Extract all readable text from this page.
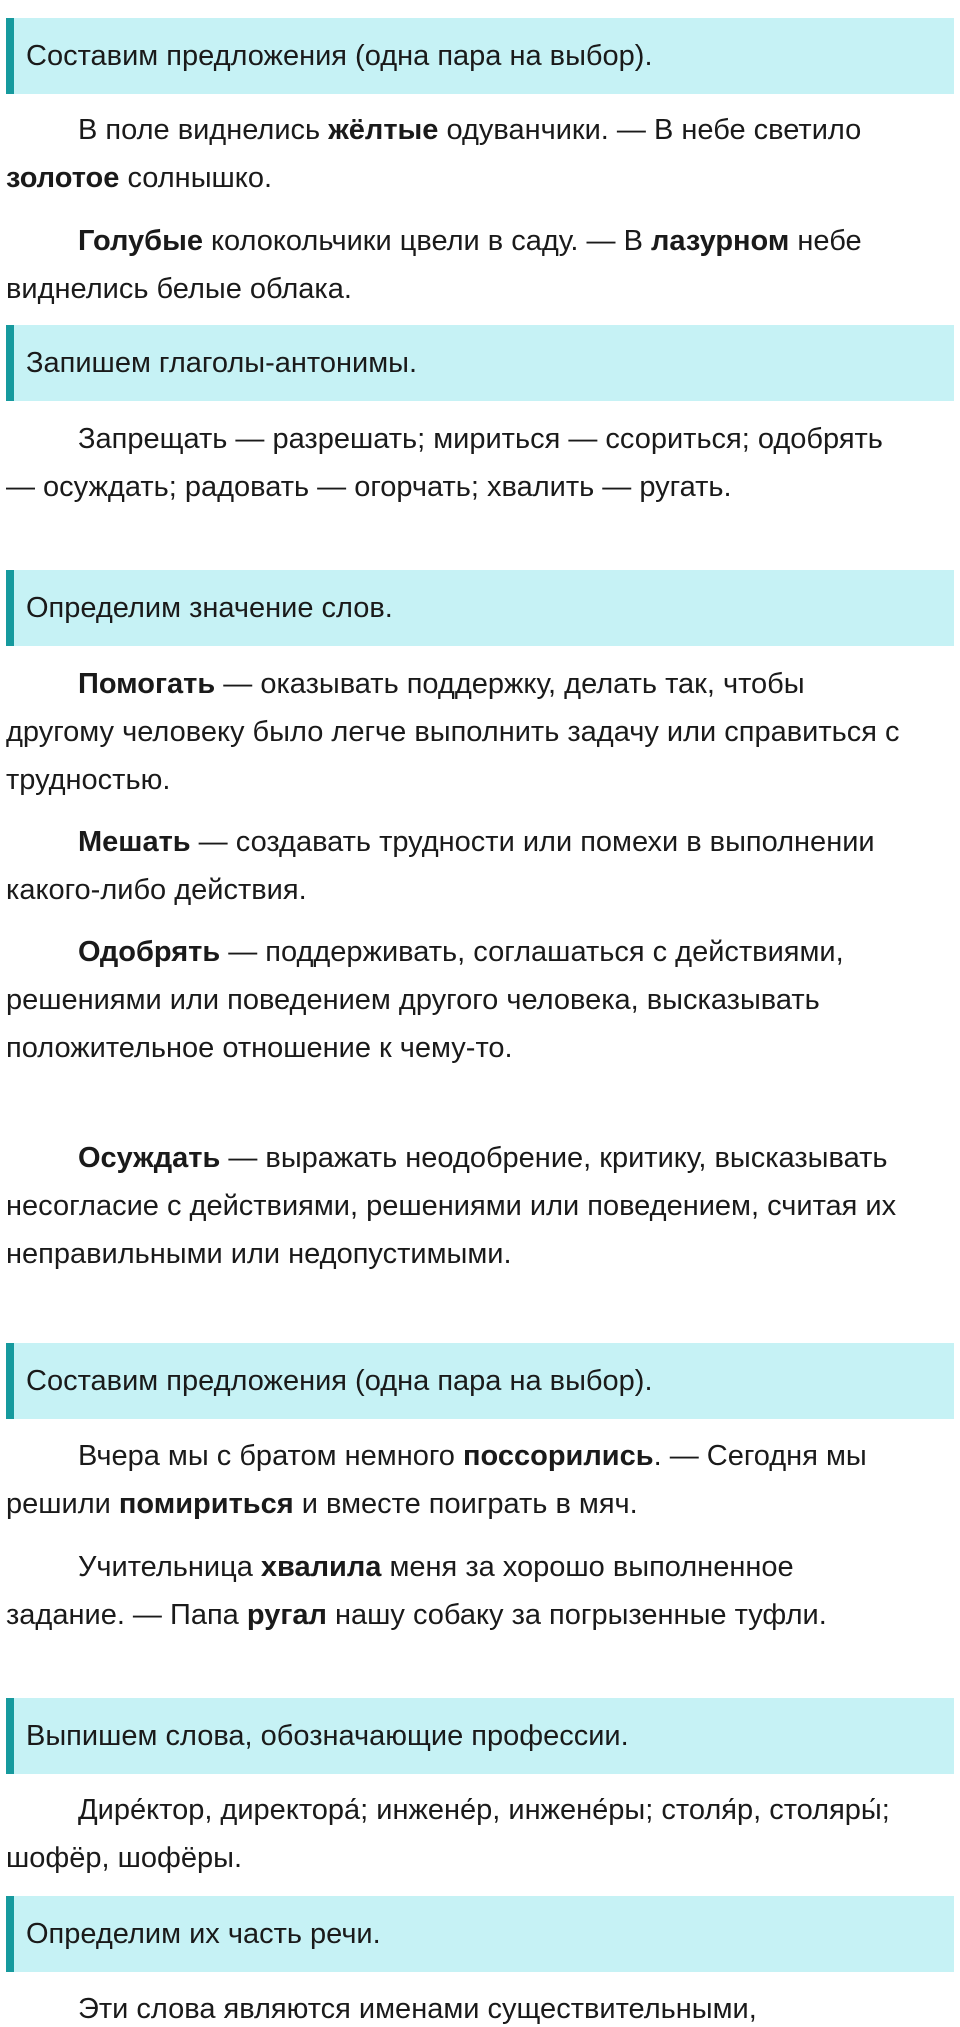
Составим предложения (одна пара на выбор).

В поле виднелись жёлтые одуванчики. — В небе светило золотое солнышко.

Голубые колокольчики цвели в саду. — В лазурном небе виднелись белые облака.

Запишем глаголы-антонимы.

Запрещать — разрешать; мириться — ссориться; одобрять — осуждать; радовать — огорчать; хвалить — ругать.

Определим значение слов.

Помогать — оказывать поддержку, делать так, чтобы другому человеку было легче выполнить задачу или справиться с трудностью.

Мешать — создавать трудности или помехи в выполнении какого-либо действия.

Одобрять — поддерживать, соглашаться с действиями, решениями или поведением другого человека, высказывать положительное отношение к чему-то.

Осуждать — выражать неодобрение, критику, высказывать несогласие с действиями, решениями или поведением, считая их неправильными или недопустимыми.

Составим предложения (одна пара на выбор).

Вчера мы с братом немного поссорились. — Сегодня мы решили помириться и вместе поиграть в мяч.

Учительница хвалила меня за хорошо выполненное задание. — Папа ругал нашу собаку за погрызенные туфли.

Выпишем слова, обозначающие профессии.

Дире́ктор, директора́; инжене́р, инжене́ры; столя́р, столяры́; шофёр, шофёры.

Определим их часть речи.

Эти слова являются именами существительными,
